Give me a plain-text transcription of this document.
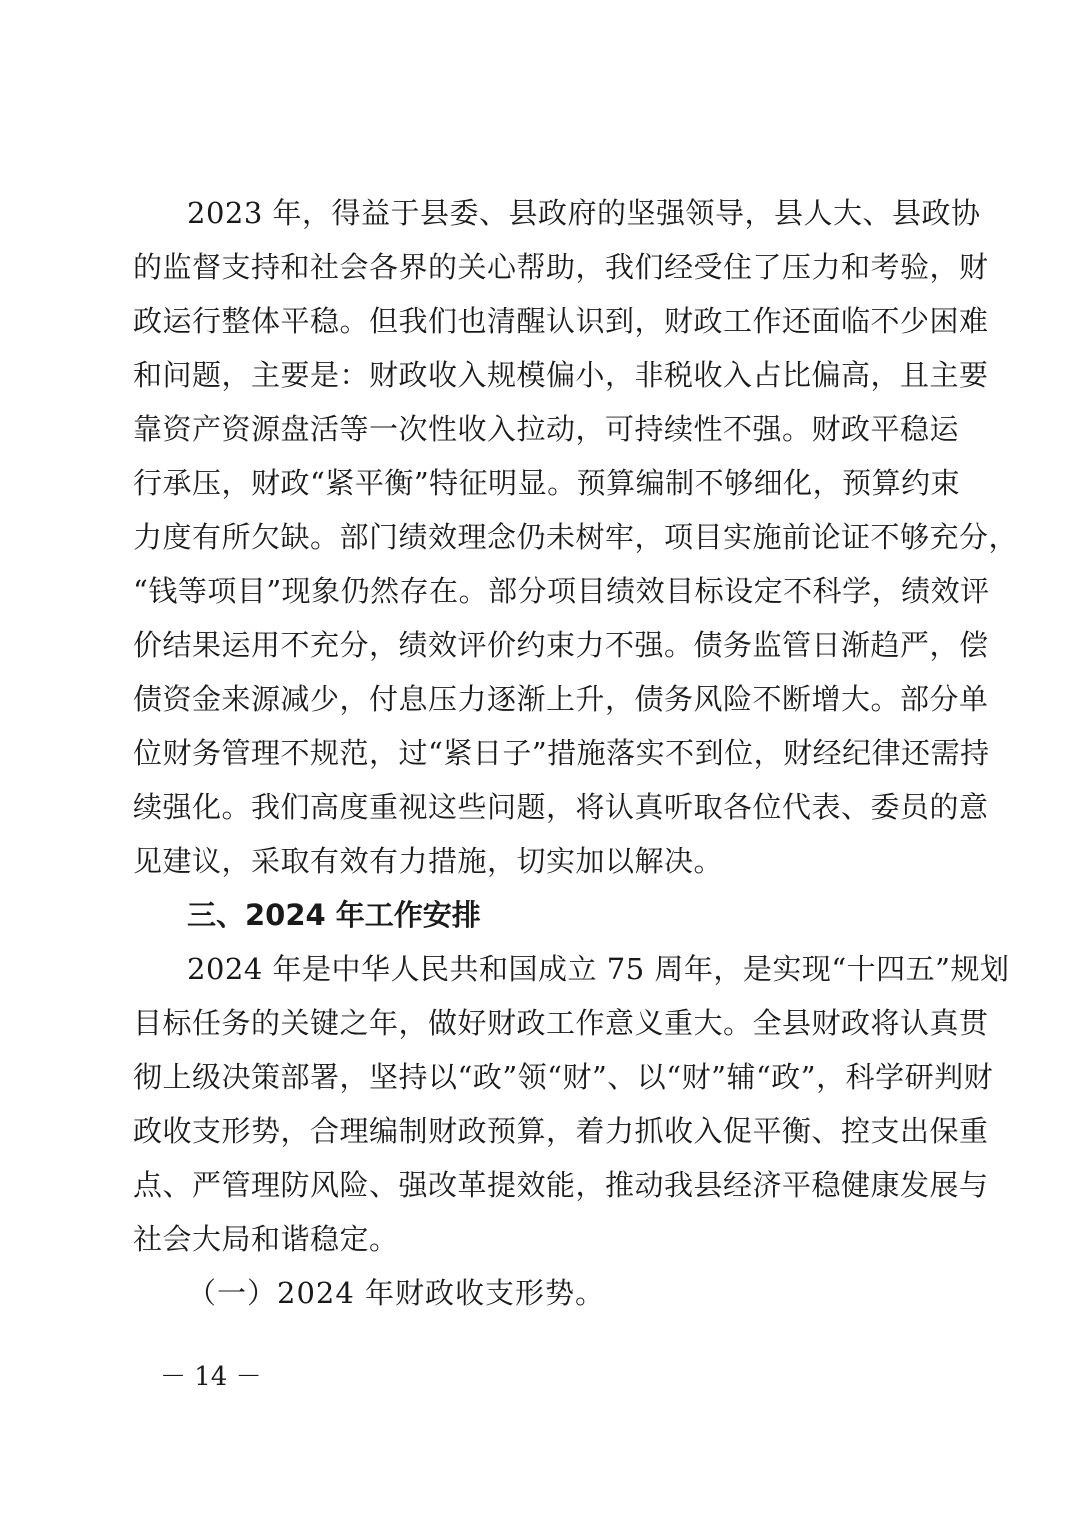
2023 年，得益于县委、县政府的坚强领导，县人大、县政协
的监督支持和社会各界的关心帮助，我们经受住了压力和考验，财
政运行整体平稳。但我们也清醒认识到，财政工作还面临不少困难
和问题，主要是：财政收入规模偏小，非税收入占比偏高，且主要
靠资产资源盘活等一次性收入拉动，可持续性不强。财政平稳运
行承压，财政“紧平衡”特征明显。预算编制不够细化，预算约束
力度有所欠缺。部门绩效理念仍未树牢，项目实施前论证不够充分，
“钱等项目”现象仍然存在。部分项目绩效目标设定不科学，绩效评
价结果运用不充分，绩效评价约束力不强。债务监管日渐趋严，偿
债资金来源减少，付息压力逐渐上升，债务风险不断增大。部分单
位财务管理不规范，过“紧日子”措施落实不到位，财经纪律还需持
续强化。我们高度重视这些问题，将认真听取各位代表、委员的意
见建议，采取有效有力措施，切实加以解决。
三、2024 年工作安排
2024 年是中华人民共和国成立 75 周年，是实现“十四五”规划
目标任务的关键之年，做好财政工作意义重大。全县财政将认真贯
彻上级决策部署，坚持以“政”领“财”、以“财”辅“政”，科学研判财
政收支形势，合理编制财政预算，着力抓收入促平衡、控支出保重
点、严管理防风险、强改革提效能，推动我县经济平稳健康发展与
社会大局和谐稳定。
（一）2024 年财政收支形势。
－ 14 －
